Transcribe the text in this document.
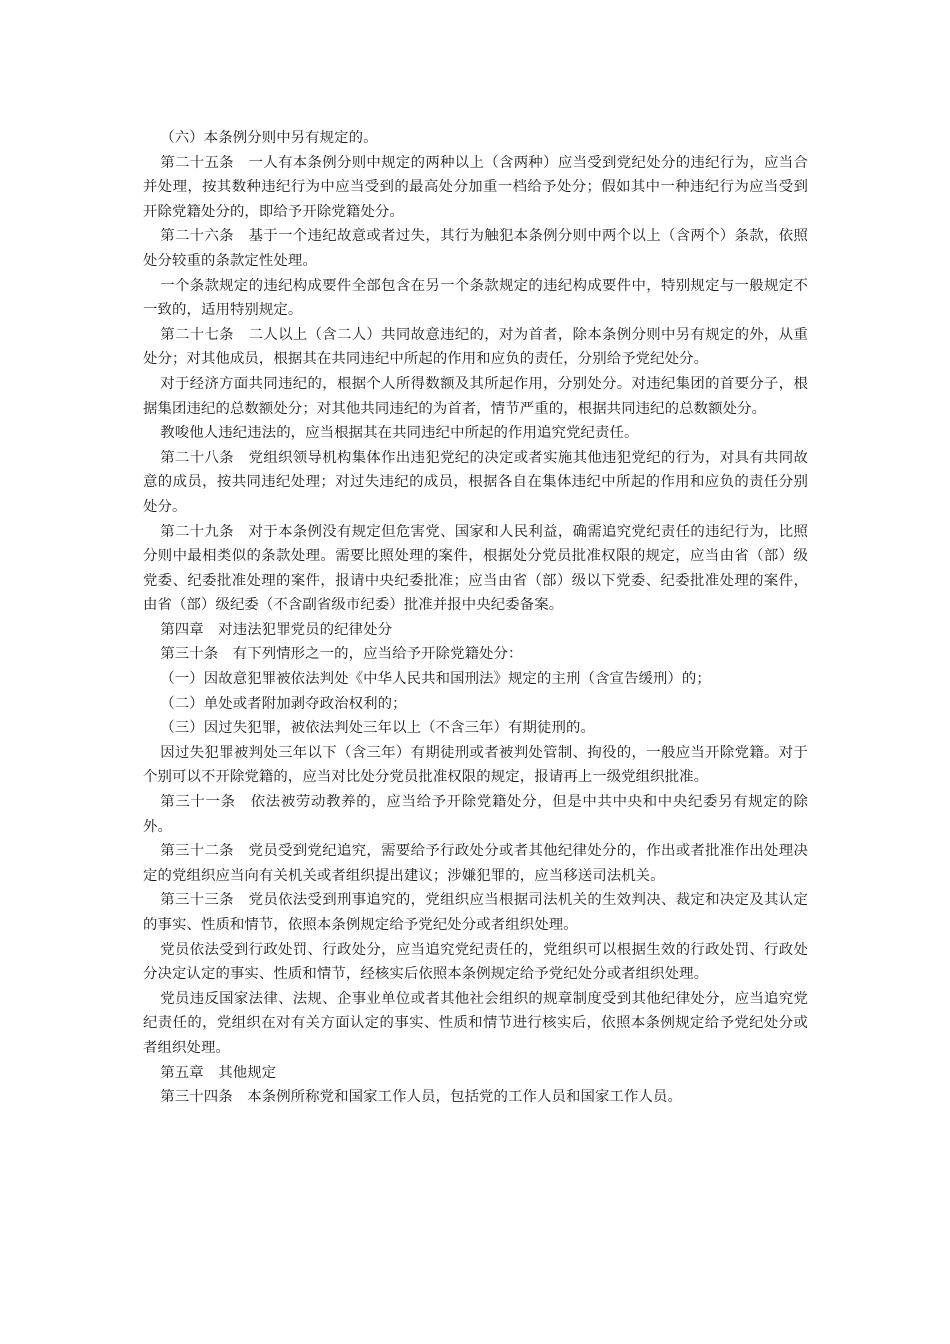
（六）本条例分则中另有规定的。

第二十五条　一人有本条例分则中规定的两种以上（含两种）应当受到党纪处分的违纪行为，应当合并处理，按其数种违纪行为中应当受到的最高处分加重一档给予处分；假如其中一种违纪行为应当受到开除党籍处分的，即给予开除党籍处分。

第二十六条　基于一个违纪故意或者过失，其行为触犯本条例分则中两个以上（含两个）条款，依照处分较重的条款定性处理。

一个条款规定的违纪构成要件全部包含在另一个条款规定的违纪构成要件中，特别规定与一般规定不一致的，适用特别规定。

第二十七条　二人以上（含二人）共同故意违纪的，对为首者，除本条例分则中另有规定的外，从重处分；对其他成员，根据其在共同违纪中所起的作用和应负的责任，分别给予党纪处分。

对于经济方面共同违纪的，根据个人所得数额及其所起作用，分别处分。对违纪集团的首要分子，根据集团违纪的总数额处分；对其他共同违纪的为首者，情节严重的，根据共同违纪的总数额处分。

教唆他人违纪违法的，应当根据其在共同违纪中所起的作用追究党纪责任。

第二十八条　党组织领导机构集体作出违犯党纪的决定或者实施其他违犯党纪的行为，对具有共同故意的成员，按共同违纪处理；对过失违纪的成员，根据各自在集体违纪中所起的作用和应负的责任分别处分。

第二十九条　对于本条例没有规定但危害党、国家和人民利益，确需追究党纪责任的违纪行为，比照分则中最相类似的条款处理。需要比照处理的案件，根据处分党员批准权限的规定，应当由省（部）级党委、纪委批准处理的案件，报请中央纪委批准；应当由省（部）级以下党委、纪委批准处理的案件，由省（部）级纪委（不含副省级市纪委）批准并报中央纪委备案。

第四章　对违法犯罪党员的纪律处分

第三十条　有下列情形之一的，应当给予开除党籍处分：

（一）因故意犯罪被依法判处《中华人民共和国刑法》规定的主刑（含宣告缓刑）的；

（二）单处或者附加剥夺政治权利的；

（三）因过失犯罪，被依法判处三年以上（不含三年）有期徒刑的。

因过失犯罪被判处三年以下（含三年）有期徒刑或者被判处管制、拘役的，一般应当开除党籍。对于个别可以不开除党籍的，应当对比处分党员批准权限的规定，报请再上一级党组织批准。

第三十一条　依法被劳动教养的，应当给予开除党籍处分，但是中共中央和中央纪委另有规定的除外。

第三十二条　党员受到党纪追究，需要给予行政处分或者其他纪律处分的，作出或者批准作出处理决定的党组织应当向有关机关或者组织提出建议；涉嫌犯罪的，应当移送司法机关。

第三十三条　党员依法受到刑事追究的，党组织应当根据司法机关的生效判决、裁定和决定及其认定的事实、性质和情节，依照本条例规定给予党纪处分或者组织处理。

党员依法受到行政处罚、行政处分，应当追究党纪责任的，党组织可以根据生效的行政处罚、行政处分决定认定的事实、性质和情节，经核实后依照本条例规定给予党纪处分或者组织处理。

党员违反国家法律、法规、企事业单位或者其他社会组织的规章制度受到其他纪律处分，应当追究党纪责任的，党组织在对有关方面认定的事实、性质和情节进行核实后，依照本条例规定给予党纪处分或者组织处理。

第五章　其他规定

第三十四条　本条例所称党和国家工作人员，包括党的工作人员和国家工作人员。
